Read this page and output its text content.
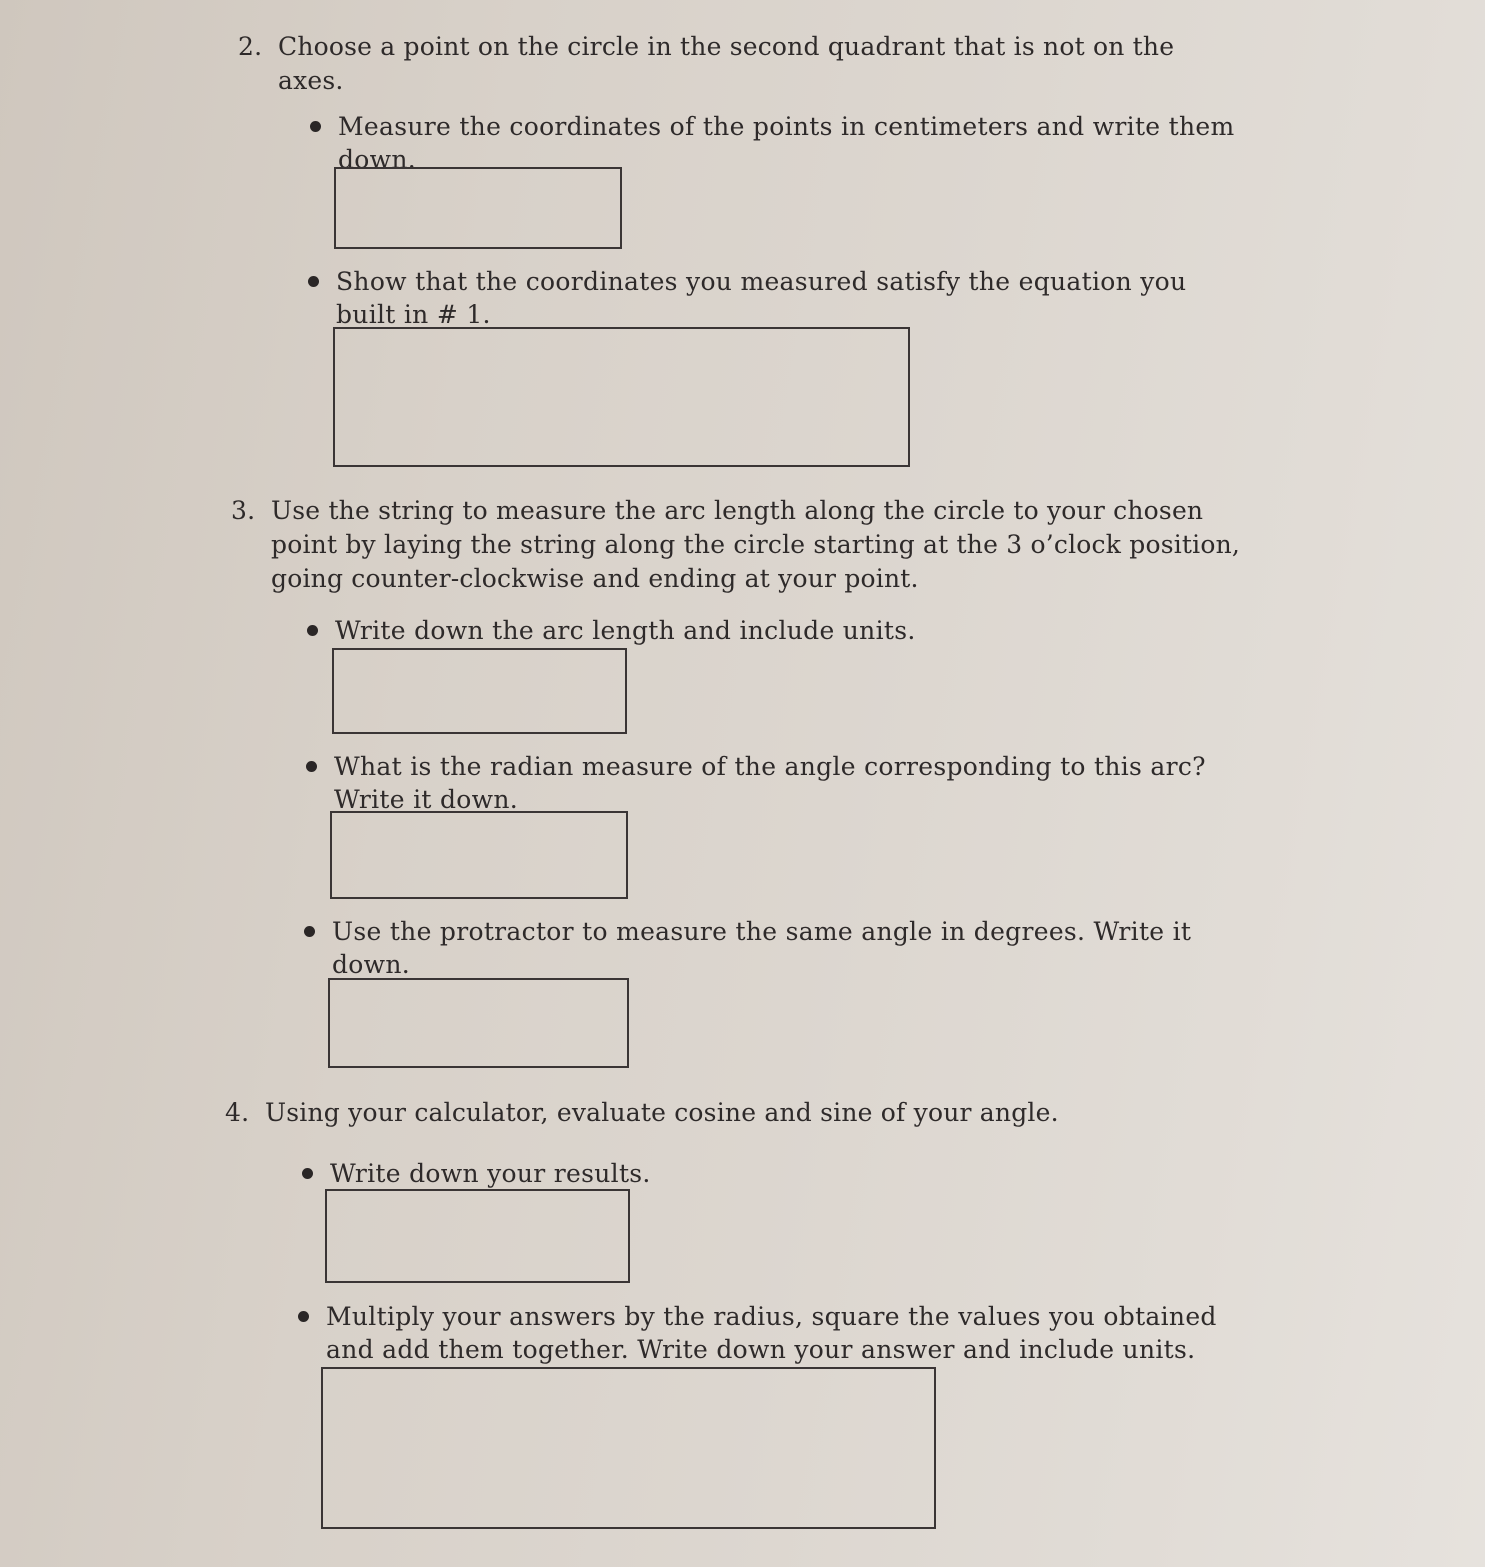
2. Choose a point on the circle in the second quadrant that is not on the
axes.
Measure the coordinates of the points in centimeters and write them
down.
Show that the coordinates you measured satisfy the equation you
built in # 1.
3. Use the string to measure the arc length along the circle to your chosen
point by laying the string along the circle starting at the 3 o’clock position,
going counter-clockwise and ending at your point.
Write down the arc length and include units.
What is the radian measure of the angle corresponding to this arc?
Write it down.
Use the protractor to measure the same angle in degrees. Write it
down.
4. Using your calculator, evaluate cosine and sine of your angle.
Write down your results.
Multiply your answers by the radius, square the values you obtained
and add them together. Write down your answer and include units.
